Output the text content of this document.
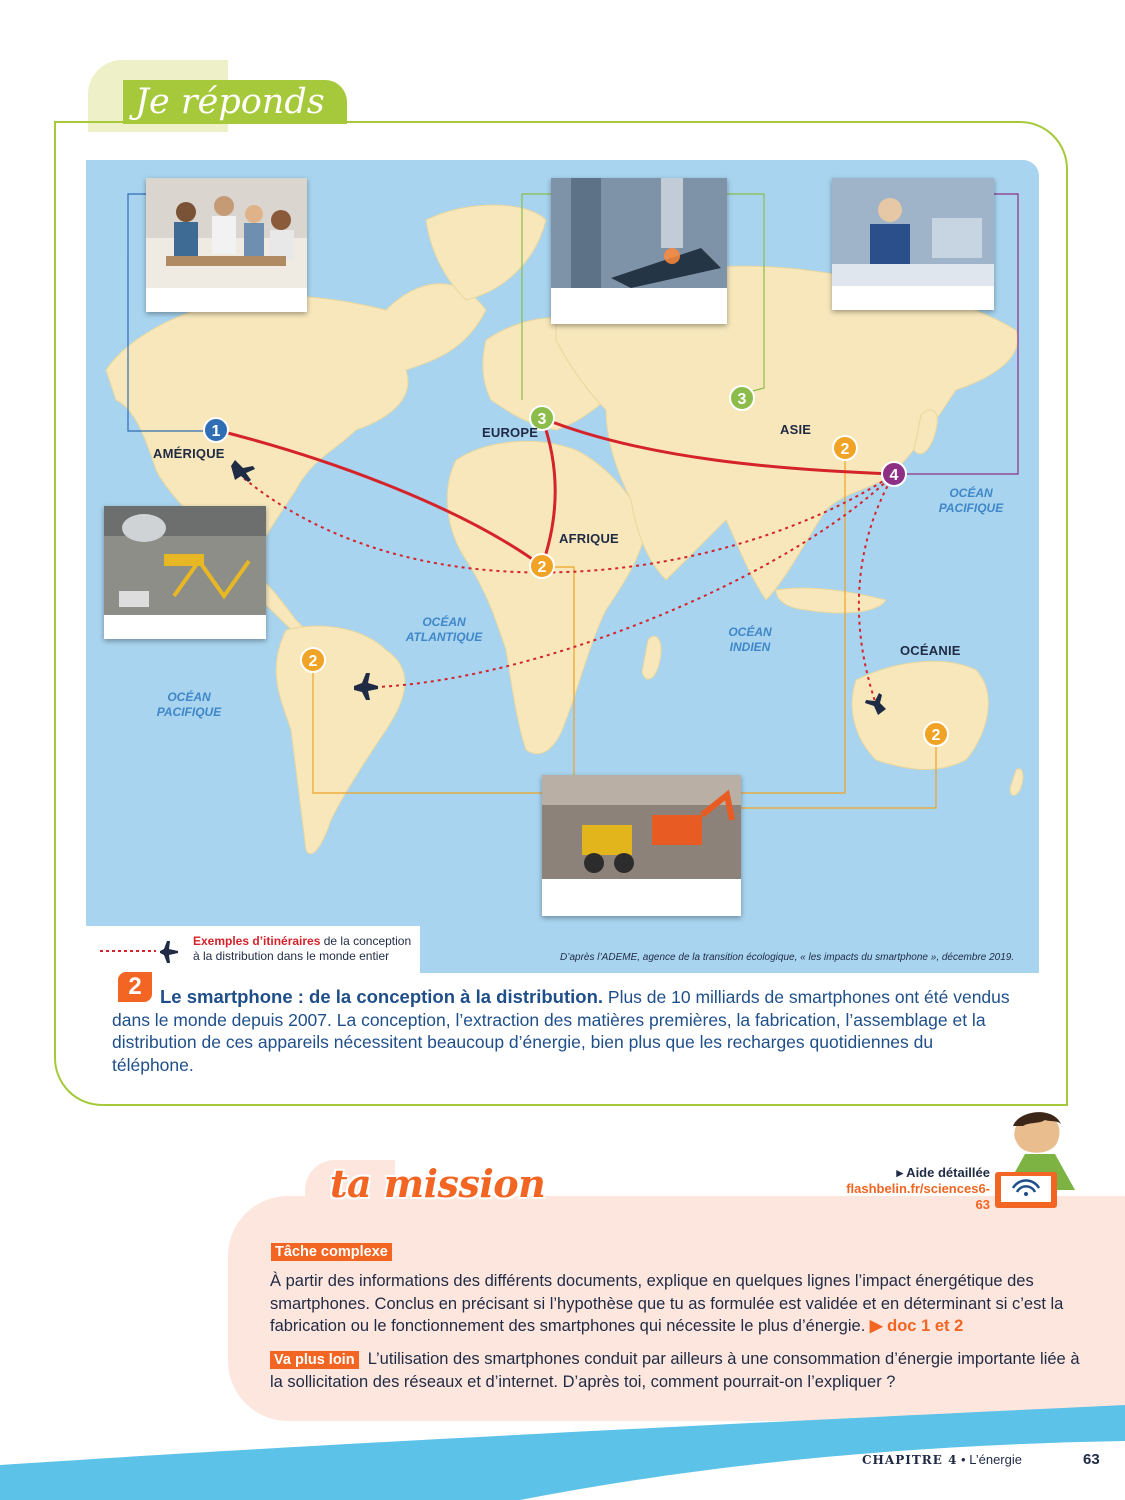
Je réponds
1
3
3
2
4
2
2
2
AMÉRIQUE
EUROPE	ASIE
AFRIQUE
OCÉANIE
OCÉAN
ATLANTIQUE	OCÉAN
INDIEN
OCÉAN
PACIFIQUE
OCÉAN
PACIFIQUE
Exemples d’itinéraires de la conception
à la distribution dans le monde entier	D’après l’ADEME, agence de la transition écologique, « les impacts du smartphone », décembre 2019.
2 Le smartphone : de la conception à la distribution. Plus de 10 milliards de smartphones ont été vendus dans le monde depuis 2007. La conception, l’extraction des matières premières, la fabrication, l’assemblage et la distribution de ces appareils nécessitent beaucoup d’énergie, bien plus que les recharges quotidiennes du téléphone.
ta mission	▸ Aide détaillée
flashbelin.fr/sciences6-63
Tâche complexe
À partir des informations des différents documents, explique en quelques lignes l’impact énergétique des smartphones. Conclus en précisant si l’hypothèse que tu as formulée est validée et en déterminant si c’est la fabrication ou le fonctionnement des smartphones qui nécessite le plus d’énergie. ▶ doc 1 et 2
Va plus loin L’utilisation des smartphones conduit par ailleurs à une consommation d’énergie importante liée à la sollicitation des réseaux et d’internet. D’après toi, comment pourrait-on l’expliquer ?
CHAPITRE 4 • L’énergie	63
